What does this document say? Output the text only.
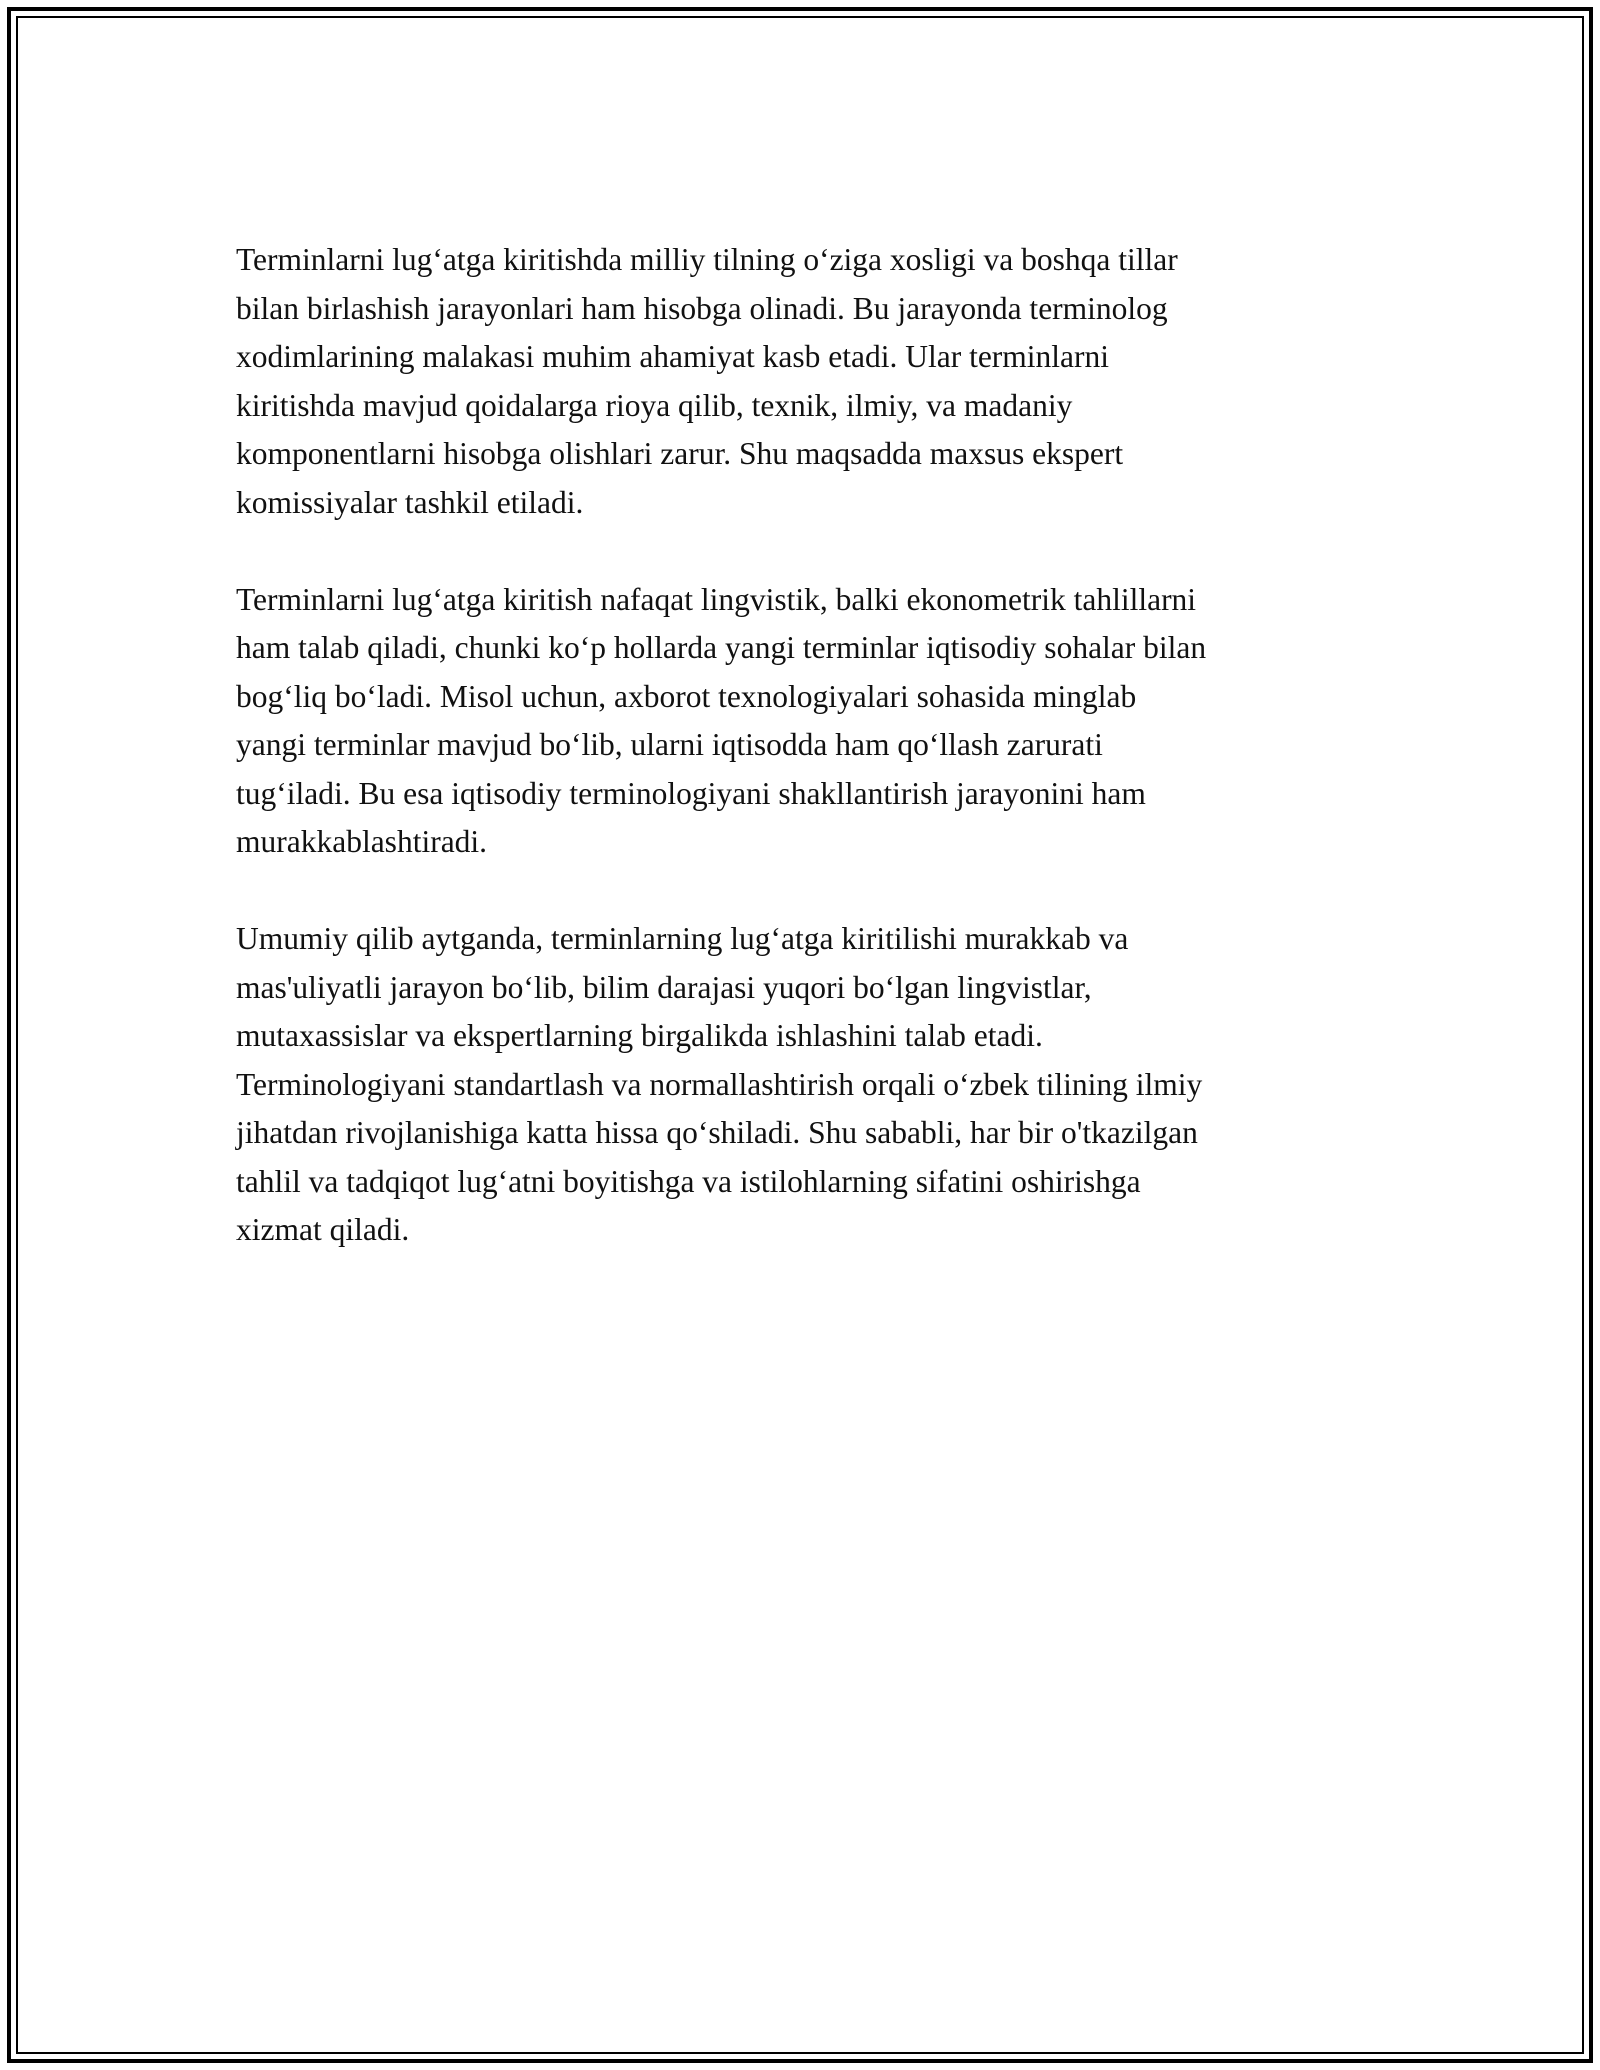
Terminlarni lug‘atga kiritishda milliy tilning o‘ziga xosligi va boshqa tillar
bilan birlashish jarayonlari ham hisobga olinadi. Bu jarayonda terminolog
xodimlarining malakasi muhim ahamiyat kasb etadi. Ular terminlarni
kiritishda mavjud qoidalarga rioya qilib, texnik, ilmiy, va madaniy
komponentlarni hisobga olishlari zarur. Shu maqsadda maxsus ekspert
komissiyalar tashkil etiladi.

Terminlarni lug‘atga kiritish nafaqat lingvistik, balki ekonometrik tahlillarni
ham talab qiladi, chunki ko‘p hollarda yangi terminlar iqtisodiy sohalar bilan
bog‘liq bo‘ladi. Misol uchun, axborot texnologiyalari sohasida minglab
yangi terminlar mavjud bo‘lib, ularni iqtisodda ham qo‘llash zarurati
tug‘iladi. Bu esa iqtisodiy terminologiyani shakllantirish jarayonini ham
murakkablashtiradi.

Umumiy qilib aytganda, terminlarning lug‘atga kiritilishi murakkab va
mas'uliyatli jarayon bo‘lib, bilim darajasi yuqori bo‘lgan lingvistlar,
mutaxassislar va ekspertlarning birgalikda ishlashini talab etadi.
Terminologiyani standartlash va normallashtirish orqali o‘zbek tilining ilmiy
jihatdan rivojlanishiga katta hissa qo‘shiladi. Shu sababli, har bir o'tkazilgan
tahlil va tadqiqot lug‘atni boyitishga va istilohlarning sifatini oshirishga
xizmat qiladi.
